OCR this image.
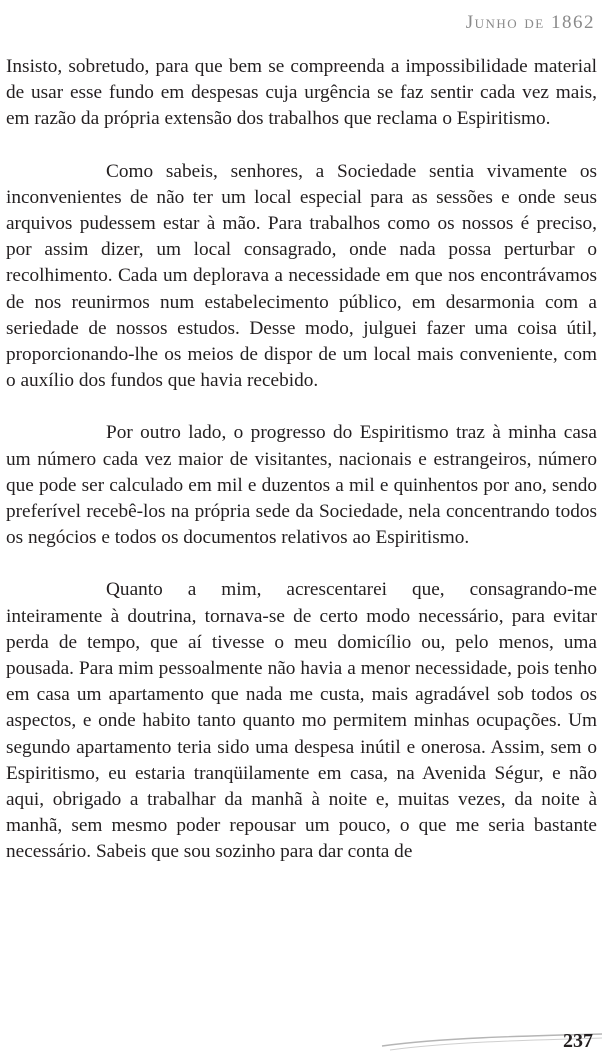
Junho de 1862

Insisto, sobretudo, para que bem se compreenda a impossibilidade material de usar esse fundo em despesas cuja urgência se faz sentir cada vez mais, em razão da própria extensão dos trabalhos que reclama o Espiritismo.

Como sabeis, senhores, a Sociedade sentia vivamente os inconvenientes de não ter um local especial para as sessões e onde seus arquivos pudessem estar à mão. Para trabalhos como os nossos é preciso, por assim dizer, um local consagrado, onde nada possa perturbar o recolhimento. Cada um deplorava a necessidade em que nos encontrávamos de nos reunirmos num estabelecimento público, em desarmonia com a seriedade de nossos estudos. Desse modo, julguei fazer uma coisa útil, proporcionando-lhe os meios de dispor de um local mais conveniente, com o auxílio dos fundos que havia recebido.

Por outro lado, o progresso do Espiritismo traz à minha casa um número cada vez maior de visitantes, nacionais e estrangeiros, número que pode ser calculado em mil e duzentos a mil e quinhentos por ano, sendo preferível recebê-los na própria sede da Sociedade, nela concentrando todos os negócios e todos os documentos relativos ao Espiritismo.

Quanto a mim, acrescentarei que, consagrando-me inteiramente à doutrina, tornava-se de certo modo necessário, para evitar perda de tempo, que aí tivesse o meu domicílio ou, pelo menos, uma pousada. Para mim pessoalmente não havia a menor necessidade, pois tenho em casa um apartamento que nada me custa, mais agradável sob todos os aspectos, e onde habito tanto quanto mo permitem minhas ocupações. Um segundo apartamento teria sido uma despesa inútil e onerosa. Assim, sem o Espiritismo, eu estaria tranqüilamente em casa, na Avenida Ségur, e não aqui, obrigado a trabalhar da manhã à noite e, muitas vezes, da noite à manhã, sem mesmo poder repousar um pouco, o que me seria bastante necessário. Sabeis que sou sozinho para dar conta de

237
